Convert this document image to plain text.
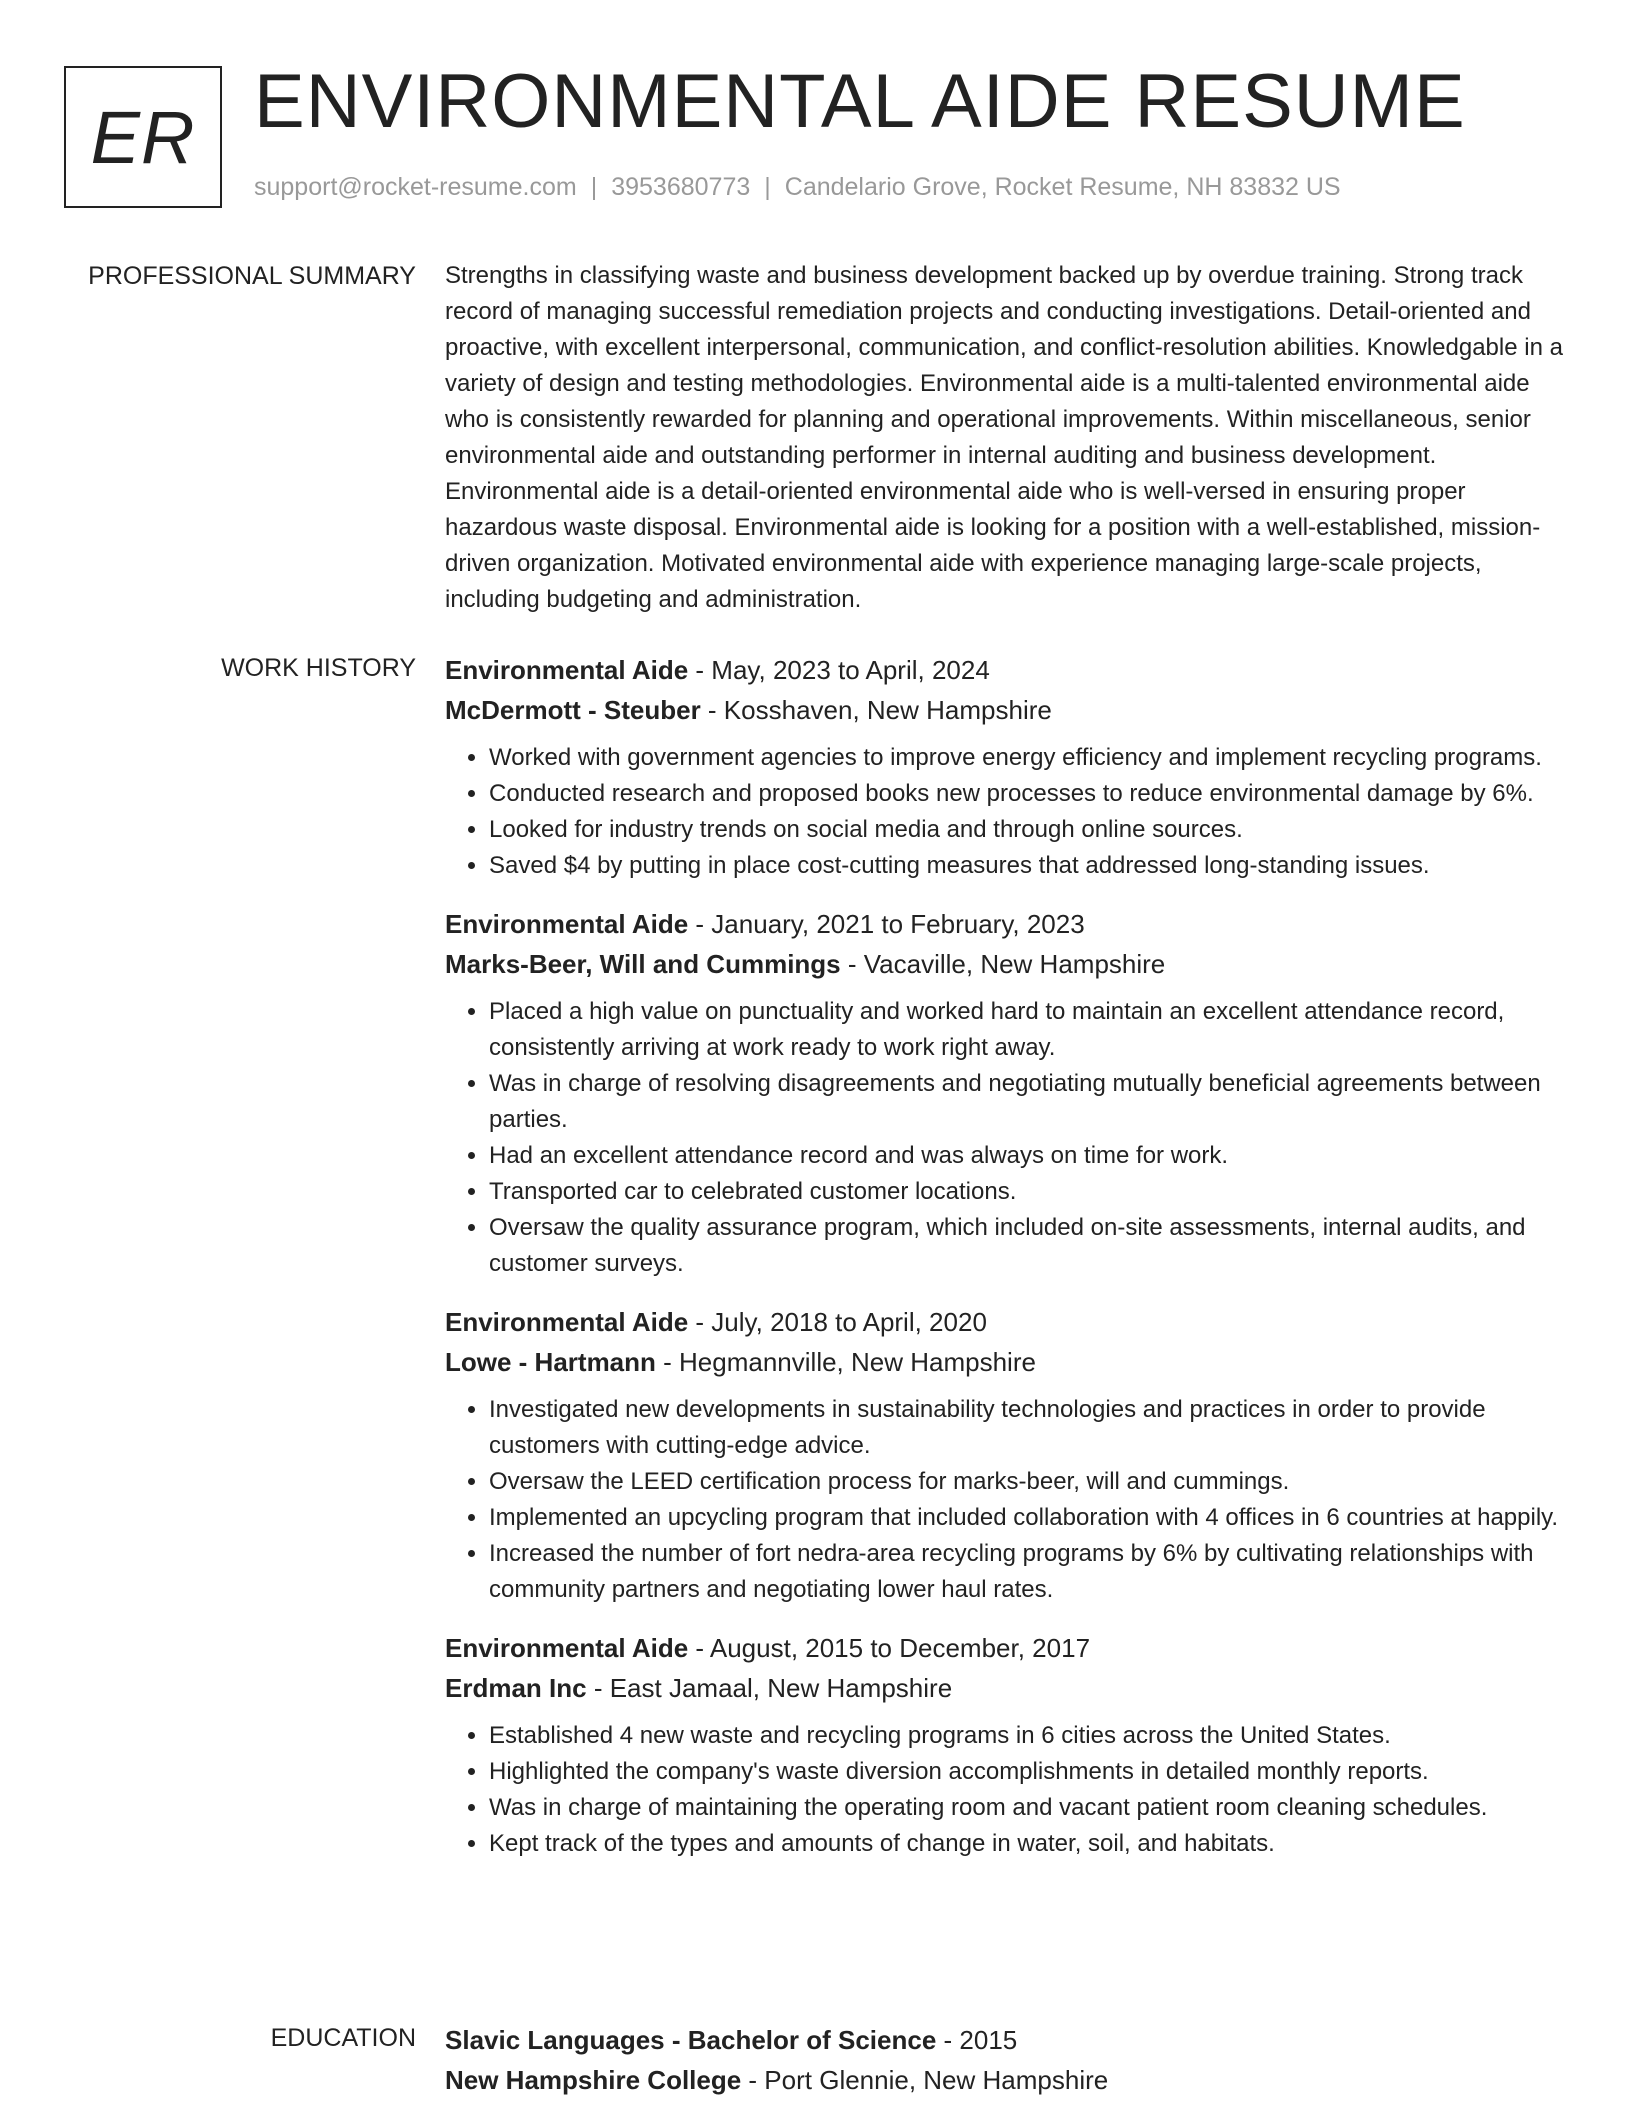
ER ENVIRONMENTAL AIDE RESUME
support@rocket-resume.com | 3953680773 | Candelario Grove, Rocket Resume, NH 83832 US
PROFESSIONAL SUMMARY Strengths in classifying waste and business development backed up by overdue training. Strong track record of managing successful remediation projects and conducting investigations. Detail-oriented and proactive, with excellent interpersonal, communication, and conflict-resolution abilities. Knowledgable in a variety of design and testing methodologies. Environmental aide is a multi-talented environmental aide who is consistently rewarded for planning and operational improvements. Within miscellaneous, senior environmental aide and outstanding performer in internal auditing and business development. Environmental aide is a detail-oriented environmental aide who is well-versed in ensuring proper hazardous waste disposal. Environmental aide is looking for a position with a well-established, mission-driven organization. Motivated environmental aide with experience managing large-scale projects, including budgeting and administration.

WORK HISTORY Environmental Aide - May, 2023 to April, 2024
McDermott - Steuber - Kosshaven, New Hampshire
• Worked with government agencies to improve energy efficiency and implement recycling programs.
• Conducted research and proposed books new processes to reduce environmental damage by 6%.
• Looked for industry trends on social media and through online sources.
• Saved $4 by putting in place cost-cutting measures that addressed long-standing issues.
Environmental Aide - January, 2021 to February, 2023
Marks-Beer, Will and Cummings - Vacaville, New Hampshire
• Placed a high value on punctuality and worked hard to maintain an excellent attendance record, consistently arriving at work ready to work right away.
• Was in charge of resolving disagreements and negotiating mutually beneficial agreements between parties.
• Had an excellent attendance record and was always on time for work.
• Transported car to celebrated customer locations.
• Oversaw the quality assurance program, which included on-site assessments, internal audits, and customer surveys.
Environmental Aide - July, 2018 to April, 2020
Lowe - Hartmann - Hegmannville, New Hampshire
• Investigated new developments in sustainability technologies and practices in order to provide customers with cutting-edge advice.
• Oversaw the LEED certification process for marks-beer, will and cummings.
• Implemented an upcycling program that included collaboration with 4 offices in 6 countries at happily.
• Increased the number of fort nedra-area recycling programs by 6% by cultivating relationships with community partners and negotiating lower haul rates.
Environmental Aide - August, 2015 to December, 2017
Erdman Inc - East Jamaal, New Hampshire
• Established 4 new waste and recycling programs in 6 cities across the United States.
• Highlighted the company's waste diversion accomplishments in detailed monthly reports.
• Was in charge of maintaining the operating room and vacant patient room cleaning schedules.
• Kept track of the types and amounts of change in water, soil, and habitats.
EDUCATION Slavic Languages - Bachelor of Science - 2015
New Hampshire College - Port Glennie, New Hampshire
